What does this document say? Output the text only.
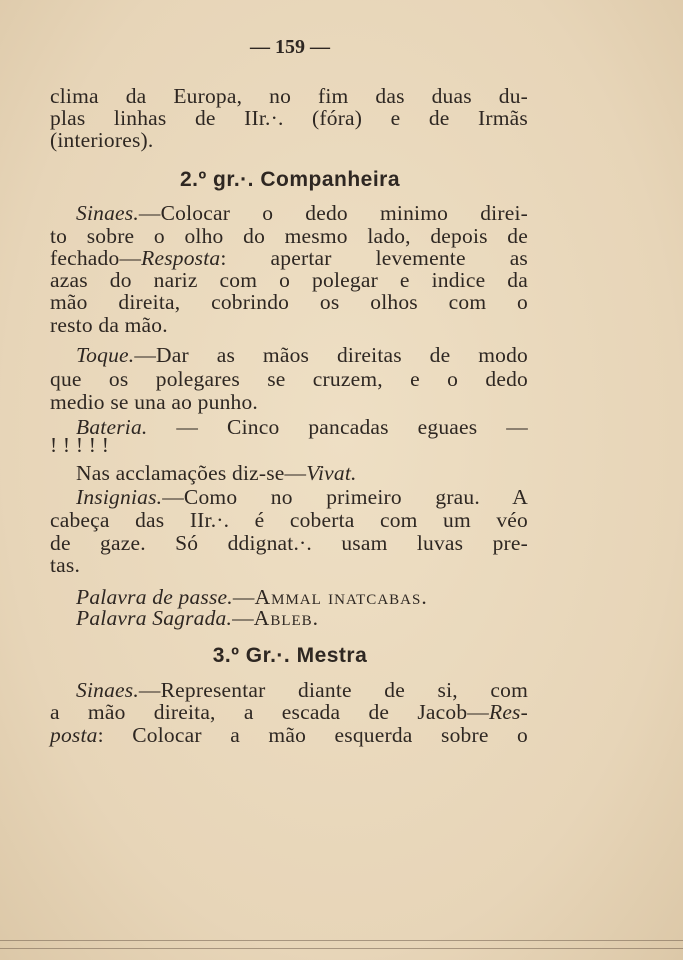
— 159 —
clima da Europa, no fim das duas du-
plas linhas de IIr.·. (fóra) e de Irmãs
(interiores).
Sinaes.—Colocar o dedo minimo direi-
to sobre o olho do mesmo lado, depois de
fechado—Resposta: apertar levemente as
azas do nariz com o polegar e indice da
mão direita, cobrindo os olhos com o
resto da mão.
Toque.—Dar as mãos direitas de modo
que os polegares se cruzem, e o dedo
medio se una ao punho.
Bateria. — Cinco pancadas eguaes —
! ! ! ! !
Nas acclamações diz-se—Vivat.
Insignias.—Como no primeiro grau. A
cabeça das IIr.·. é coberta com um véo
de gaze. Só ddignat.·. usam luvas pre-
tas.
Palavra de passe.—Ammal inatcabas.
Palavra Sagrada.—Ableb.
Sinaes.—Representar diante de si, com
a mão direita, a escada de Jacob—Res-
posta: Colocar a mão esquerda sobre o
2.º gr.·. Companheira
3.º Gr.·. Mestra
